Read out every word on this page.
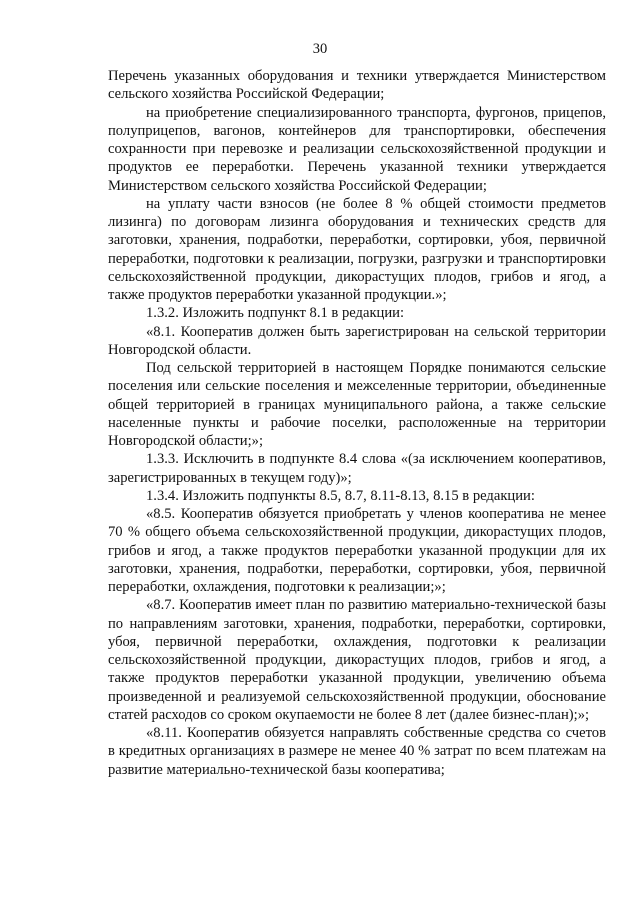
30

Перечень указанных оборудования и техники утверждается Министерством сельского хозяйства Российской Федерации;

на приобретение специализированного транспорта, фургонов, прицепов, полуприцепов, вагонов, контейнеров для транспортировки, обеспечения сохранности при перевозке и реализации сельскохозяйственной продукции и продуктов ее переработки. Перечень указанной техники утверждается Министерством сельского хозяйства Российской Федерации;

на уплату части взносов (не более 8 % общей стоимости предметов лизинга) по договорам лизинга оборудования и технических средств для заготовки, хранения, подработки, переработки, сортировки, убоя, первичной переработки, подготовки к реализации, погрузки, разгрузки и транспортировки сельскохозяйственной продукции, дикорастущих плодов, грибов и ягод, а также продуктов переработки указанной продукции.»;

1.3.2. Изложить подпункт 8.1 в редакции:

«8.1. Кооператив должен быть зарегистрирован на сельской территории Новгородской области.

Под сельской территорией в настоящем Порядке понимаются сельские поселения или сельские поселения и межселенные территории, объединенные общей территорией в границах муниципального района, а также сельские населенные пункты и рабочие поселки, расположенные на территории Новгородской области;»;

1.3.3. Исключить в подпункте 8.4 слова «(за исключением кооперативов, зарегистрированных в текущем году)»;

1.3.4. Изложить подпункты 8.5, 8.7, 8.11-8.13, 8.15 в редакции:

«8.5. Кооператив обязуется приобретать у членов кооператива не менее 70 % общего объема сельскохозяйственной продукции, дикорастущих плодов, грибов и ягод, а также продуктов переработки указанной продукции для их заготовки, хранения, подработки, переработки, сортировки, убоя, первичной переработки, охлаждения, подготовки к реализации;»;

«8.7. Кооператив имеет план по развитию материально-технической базы по направлениям заготовки, хранения, подработки, переработки, сортировки, убоя, первичной переработки, охлаждения, подготовки к реализации сельскохозяйственной продукции, дикорастущих плодов, грибов и ягод, а также продуктов переработки указанной продукции, увеличению объема произведенной и реализуемой сельскохозяйственной продукции, обоснование статей расходов со сроком окупаемости не более 8 лет (далее бизнес-план);»;

«8.11. Кооператив обязуется направлять собственные средства со счетов в кредитных организациях в размере не менее 40 % затрат по всем платежам на развитие материально-технической базы кооператива;
